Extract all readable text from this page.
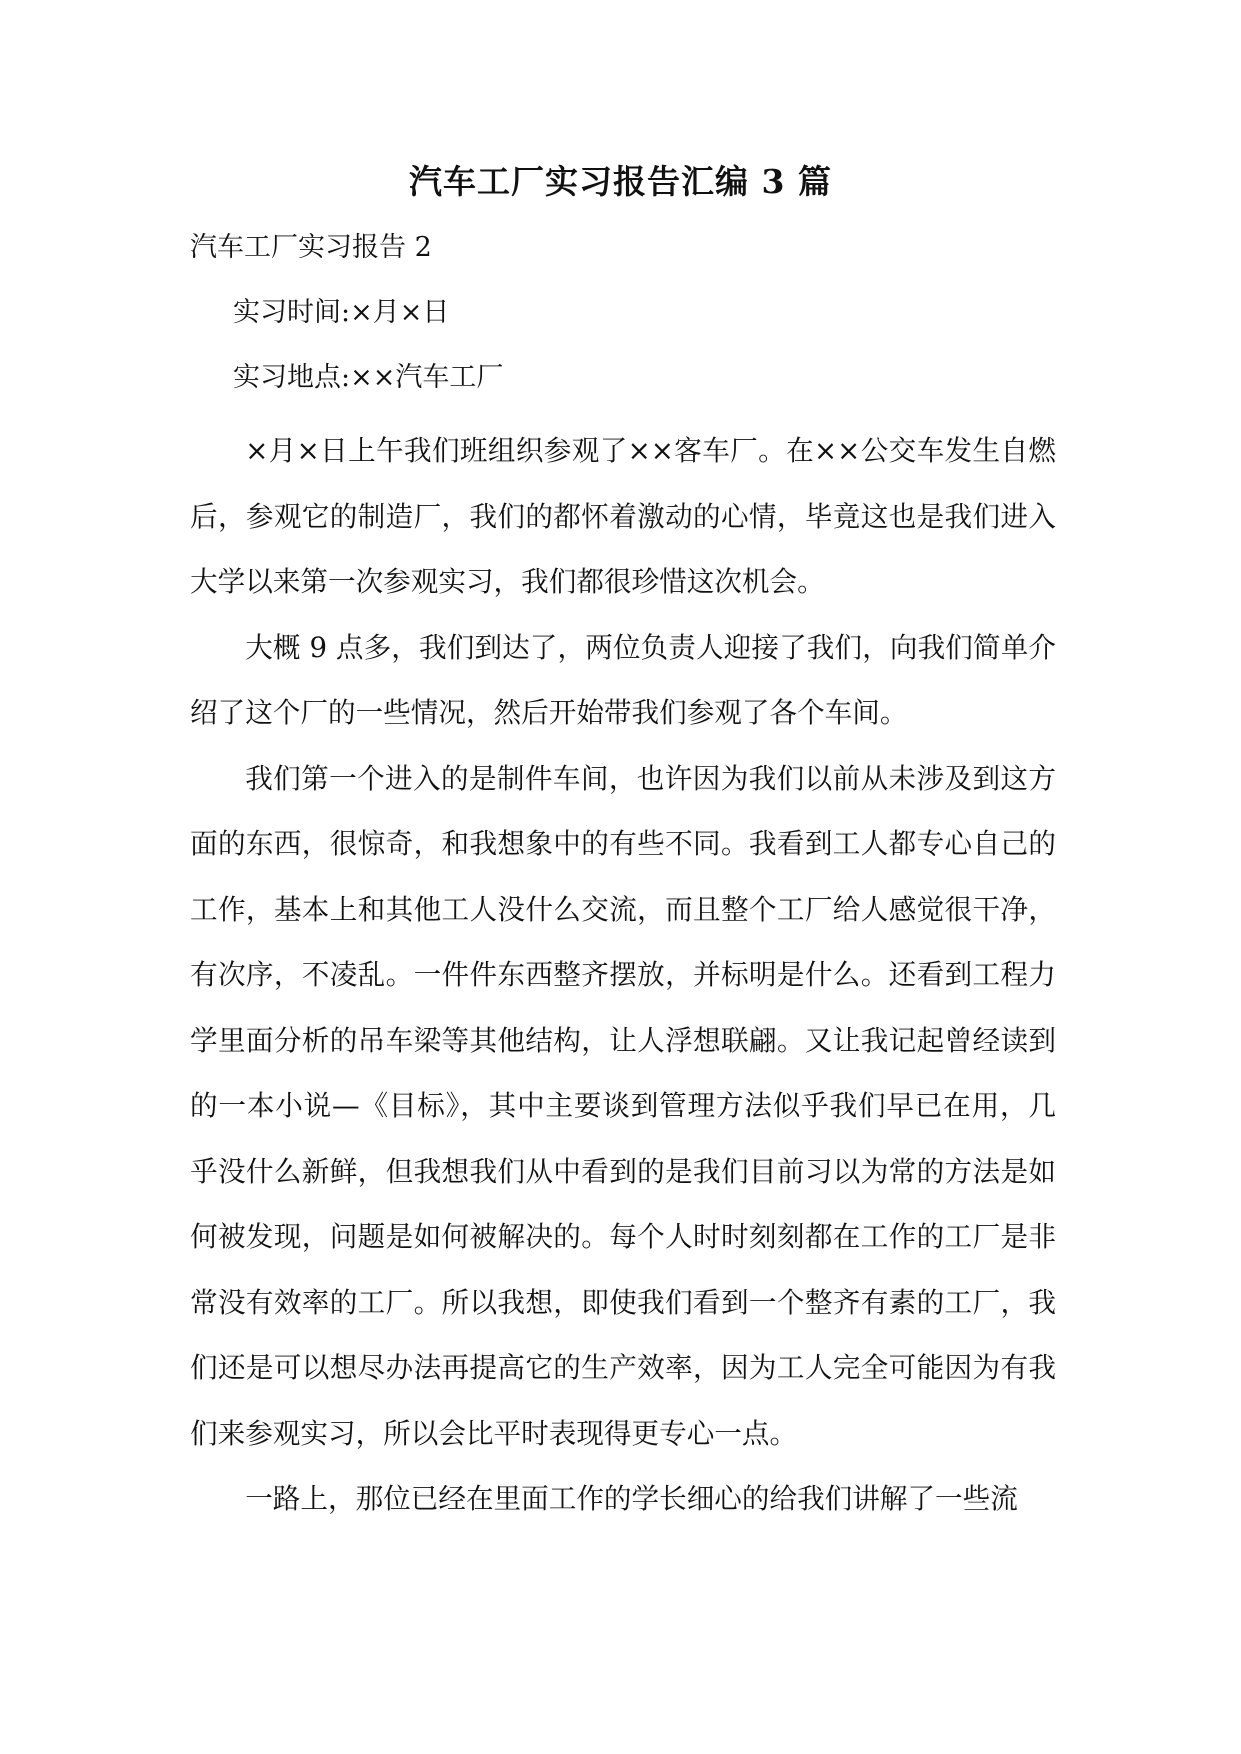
汽车工厂实习报告汇编 3 篇
汽车工厂实习报告 2
实习时间:×月×日
实习地点:××汽车工厂

×月×日上午我们班组织参观了××客车厂。在××公交车发生自燃后，参观它的制造厂，我们的都怀着激动的心情，毕竟这也是我们进入大学以来第一次参观实习，我们都很珍惜这次机会。

大概 9 点多，我们到达了，两位负责人迎接了我们，向我们简单介绍了这个厂的一些情况，然后开始带我们参观了各个车间。

我们第一个进入的是制件车间，也许因为我们以前从未涉及到这方面的东西，很惊奇，和我想象中的有些不同。我看到工人都专心自己的工作，基本上和其他工人没什么交流，而且整个工厂给人感觉很干净，有次序，不凌乱。一件件东西整齐摆放，并标明是什么。还看到工程力学里面分析的吊车梁等其他结构，让人浮想联翩。又让我记起曾经读到的一本小说—《目标》，其中主要谈到管理方法似乎我们早已在用，几乎没什么新鲜，但我想我们从中看到的是我们目前习以为常的方法是如何被发现，问题是如何被解决的。每个人时时刻刻都在工作的工厂是非常没有效率的工厂。所以我想，即使我们看到一个整齐有素的工厂，我们还是可以想尽办法再提高它的生产效率，因为工人完全可能因为有我们来参观实习，所以会比平时表现得更专心一点。

一路上，那位已经在里面工作的学长细心的给我们讲解了一些流
